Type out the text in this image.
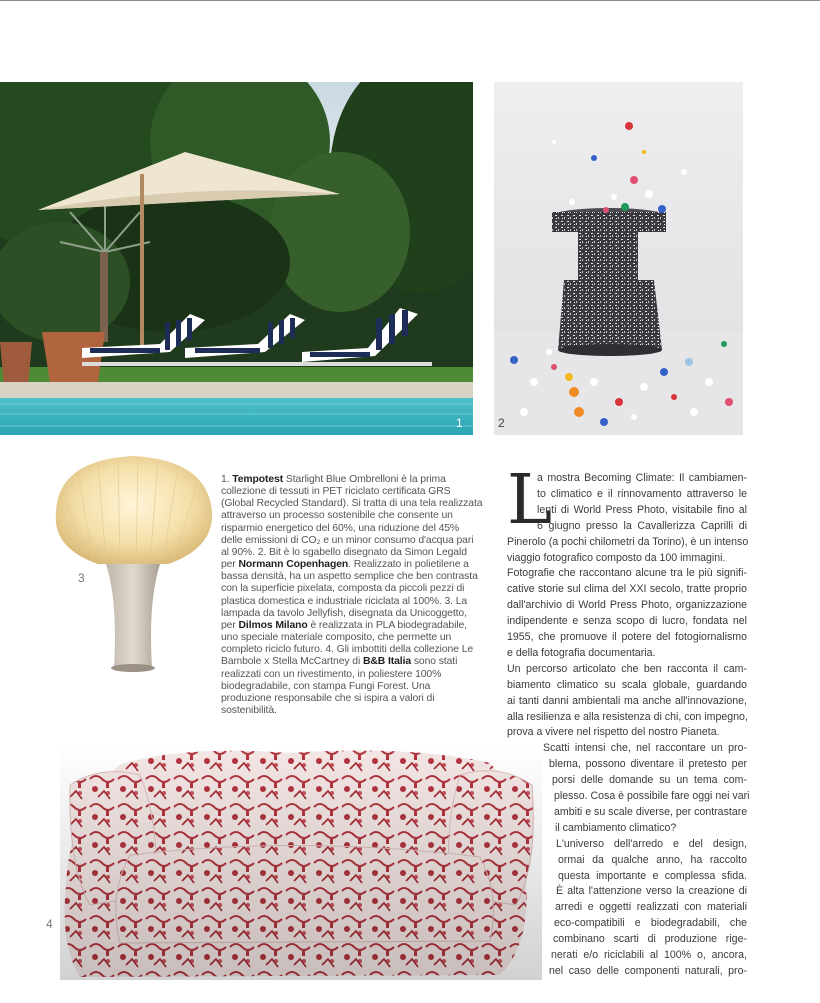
1	2
3
4
1. Tempotest Starlight Blue Ombrelloni è la prima collezione di tessuti in PET riciclato certificata GRS (Global Recycled Standard). Si tratta di una tela realizzata attraverso un processo sostenibile che consente un risparmio energetico del 60%, una riduzione del 45% delle emissioni di CO₂ e un minor consumo d'acqua pari al 90%. 2. Bit è lo sgabello disegnato da Simon Legald per Normann Copenhagen. Realizzato in polietilene a bassa densità, ha un aspetto semplice che ben contrasta con la superficie pixelata, composta da piccoli pezzi di plastica domestica e industriale riciclata al 100%. 3. La lampada da tavolo Jellyfish, disegnata da Unicoggetto, per Dilmos Milano è realizzata in PLA biodegradabile, uno speciale materiale composito, che permette un completo riciclo futuro. 4. Gli imbottiti della collezione Le Bambole x Stella McCartney di B&B Italia sono stati realizzati con un rivestimento, in poliestere 100% biodegradabile, con stampa Fungi Forest. Una produzione responsabile che si ispira a valori di sostenibilità.
L
a mostra Becoming Climate: Il cambiamen-
to climatico e il rinnovamento attraverso le
lenti di World Press Photo, visitabile fino al
6 giugno presso la Cavallerizza Caprilli di
Pinerolo (a pochi chilometri da Torino), è un intenso
viaggio fotografico composto da 100 immagini.
Fotografie che raccontano alcune tra le più signifi-
cative storie sul clima del XXI secolo, tratte proprio
dall'archivio di World Press Photo, organizzazione
indipendente e senza scopo di lucro, fondata nel
1955, che promuove il potere del fotogiornalismo
e della fotografia documentaria.
Un percorso articolato che ben racconta il cam-
biamento climatico su scala globale, guardando
ai tanti danni ambientali ma anche all'innovazione,
alla resilienza e alla resistenza di chi, con impegno,
prova a vivere nel rispetto del nostro Pianeta.
Scatti intensi che, nel raccontare un pro-
blema, possono diventare il pretesto per
porsi delle domande su un tema com-
plesso. Cosa è possibile fare oggi nei vari
ambiti e su scale diverse, per contrastare
il cambiamento climatico?
L'universo dell'arredo e del design,
ormai da qualche anno, ha raccolto
questa importante e complessa sfida.
È alta l'attenzione verso la creazione di
arredi e oggetti realizzati con materiali
eco-compatibili e biodegradabili, che
combinano scarti di produzione rige-
nerati e/o riciclabili al 100% o, ancora,
nel caso delle componenti naturali, pro-
